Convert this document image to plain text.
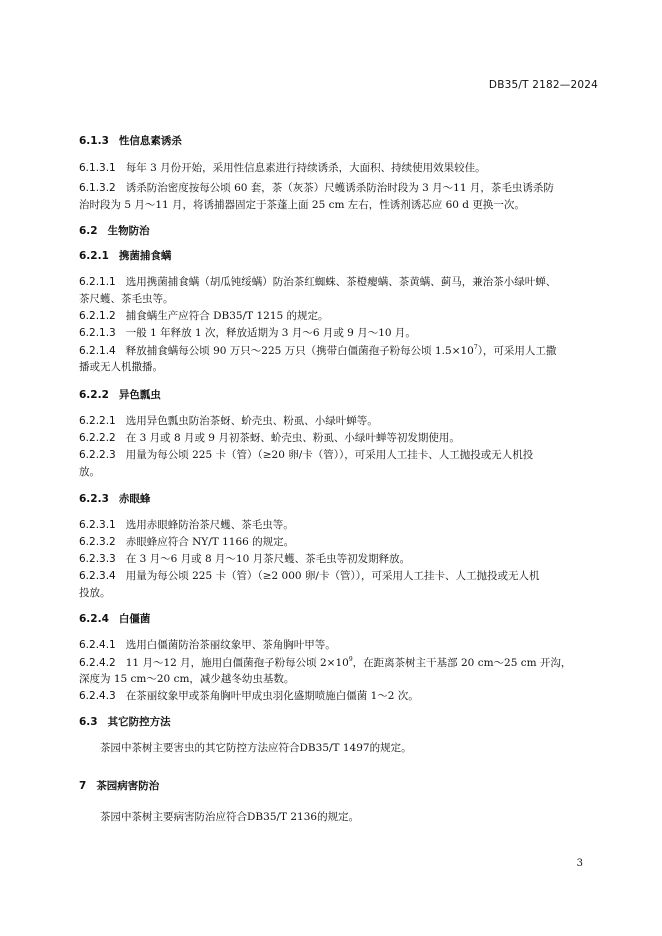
DB35/T 2182—2024
6.1.3 性信息素诱杀
6.1.3.1 每年 3 月份开始，采用性信息素进行持续诱杀，大面积、持续使用效果较佳。
6.1.3.2 诱杀防治密度按每公顷 60 套，茶（灰茶）尺蠖诱杀防治时段为 3 月～11 月，茶毛虫诱杀防
治时段为 5 月～11 月，将诱捕器固定于茶蓬上面 25 cm 左右，性诱剂诱芯应 60 d 更换一次。
6.2 生物防治
6.2.1 携菌捕食螨
6.2.1.1 选用携菌捕食螨（胡瓜钝绥螨）防治茶红蜘蛛、茶橙瘿螨、茶黄螨、蓟马，兼治茶小绿叶蝉、
茶尺蠖、茶毛虫等。
6.2.1.2 捕食螨生产应符合 DB35/T 1215 的规定。
6.2.1.3 一般 1 年释放 1 次，释放适期为 3 月～6 月或 9 月～10 月。
6.2.1.4 释放捕食螨每公顷 90 万只～225 万只（携带白僵菌孢子粉每公顷 $1.5\times 10^7$），可采用人工撒
播或无人机撒播。
6.2.2 异色瓢虫
6.2.2.1 选用异色瓢虫防治茶蚜、蚧壳虫、粉虱、小绿叶蝉等。
6.2.2.2 在 3 月或 8 月或 9 月初茶蚜、蚧壳虫、粉虱、小绿叶蝉等初发期使用。
6.2.2.3 用量为每公顷 225 卡（管）（≥20 卵/卡（管）），可采用人工挂卡、人工抛投或无人机投
放。
6.2.3 赤眼蜂
6.2.3.1 选用赤眼蜂防治茶尺蠖、茶毛虫等。
6.2.3.2 赤眼蜂应符合 NY/T 1166 的规定。
6.2.3.3 在 3 月～6 月或 8 月～10 月茶尺蠖、茶毛虫等初发期释放。
6.2.3.4 用量为每公顷 225 卡（管）（≥2 000 卵/卡（管）），可采用人工挂卡、人工抛投或无人机
投放。
6.2.4 白僵菌
6.2.4.1 选用白僵菌防治茶丽纹象甲、茶角胸叶甲等。
6.2.4.2 11 月～12 月，施用白僵菌孢子粉每公顷 $2\times 10^9$，在距离茶树主干基部 20 cm～25 cm 开沟，
深度为 15 cm～20 cm，减少越冬幼虫基数。
6.2.4.3 在茶丽纹象甲或茶角胸叶甲成虫羽化盛期喷施白僵菌 1～2 次。
6.3 其它防控方法
茶园中茶树主要害虫的其它防控方法应符合DB35/T 1497的规定。
7 茶园病害防治
茶园中茶树主要病害防治应符合DB35/T 2136的规定。
3
